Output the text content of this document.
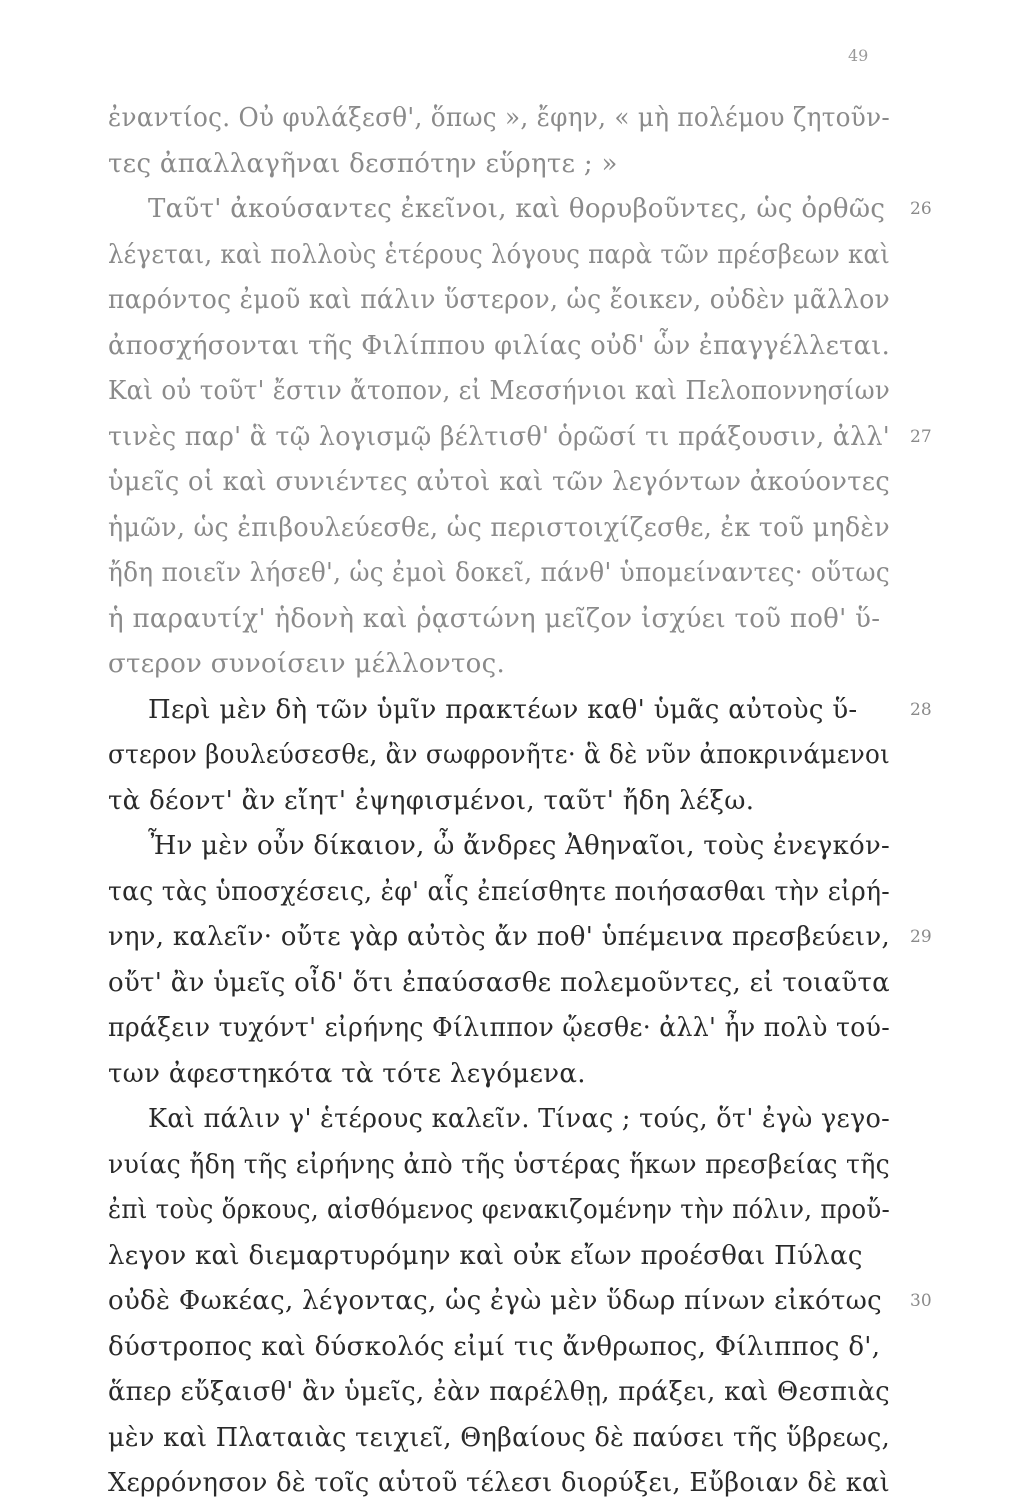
49
ἐναντίος. Οὐ φυλάξεσθ', ὅπως », ἔφην, « μὴ πολέμου ζητοῦν-
τες ἀπαλλαγῆναι δεσπότην εὕρητε ; »
Ταῦτ' ἀκούσαντες ἐκεῖνοι, καὶ θορυβοῦντες, ὡς ὀρθῶς 26
λέγεται, καὶ πολλοὺς ἑτέρους λόγους παρὰ τῶν πρέσβεων καὶ
παρόντος ἐμοῦ καὶ πάλιν ὕστερον, ὡς ἔοικεν, οὐδὲν μᾶλλον
ἀποσχήσονται τῆς Φιλίππου φιλίας οὐδ' ὧν ἐπαγγέλλεται.
Καὶ οὐ τοῦτ' ἔστιν ἄτοπον, εἰ Μεσσήνιοι καὶ Πελοποννησίων
τινὲς παρ' ἃ τῷ λογισμῷ βέλτισθ' ὁρῶσί τι πράξουσιν, ἀλλ' 27
ὑμεῖς οἱ καὶ συνιέντες αὐτοὶ καὶ τῶν λεγόντων ἀκούοντες
ἡμῶν, ὡς ἐπιβουλεύεσθε, ὡς περιστοιχίζεσθε, ἐκ τοῦ μηδὲν
ἤδη ποιεῖν λήσεθ', ὡς ἐμοὶ δοκεῖ, πάνθ' ὑπομείναντες· οὕτως
ἡ παραυτίχ' ἡδονὴ καὶ ῥᾳστώνη μεῖζον ἰσχύει τοῦ ποθ' ὕ-
στερον συνοίσειν μέλλοντος.
Περὶ μὲν δὴ τῶν ὑμῖν πρακτέων καθ' ὑμᾶς αὐτοὺς ὕ-	28
στερον βουλεύσεσθε, ἂν σωφρονῆτε· ἃ δὲ νῦν ἀποκρινάμενοι
τὰ δέοντ' ἂν εἴητ' ἐψηφισμένοι, ταῦτ' ἤδη λέξω.
Ἦν μὲν οὖν δίκαιον, ὦ ἄνδρες Ἀθηναῖοι, τοὺς ἐνεγκόν-
τας τὰς ὑποσχέσεις, ἐφ' αἷς ἐπείσθητε ποιήσασθαι τὴν εἰρή-
νην, καλεῖν· οὔτε γὰρ αὐτὸς ἄν ποθ' ὑπέμεινα πρεσβεύειν, 29
οὔτ' ἂν ὑμεῖς οἶδ' ὅτι ἐπαύσασθε πολεμοῦντες, εἰ τοιαῦτα
πράξειν τυχόντ' εἰρήνης Φίλιππον ᾤεσθε· ἀλλ' ἦν πολὺ τού-
των ἀφεστηκότα τὰ τότε λεγόμενα.
Καὶ πάλιν γ' ἑτέρους καλεῖν. Τίνας ; τούς, ὅτ' ἐγὼ γεγο-
νυίας ἤδη τῆς εἰρήνης ἀπὸ τῆς ὑστέρας ἥκων πρεσβείας τῆς
ἐπὶ τοὺς ὅρκους, αἰσθόμενος φενακιζομένην τὴν πόλιν, προὔ-
λεγον καὶ διεμαρτυρόμην καὶ οὐκ εἴων προέσθαι Πύλας
οὐδὲ Φωκέας, λέγοντας, ὡς ἐγὼ μὲν ὕδωρ πίνων εἰκότως 30
δύστροπος καὶ δύσκολός εἰμί τις ἄνθρωπος, Φίλιππος δ',
ἅπερ εὔξαισθ' ἂν ὑμεῖς, ἐὰν παρέλθῃ, πράξει, καὶ Θεσπιὰς
μὲν καὶ Πλαταιὰς τειχιεῖ, Θηβαίους δὲ παύσει τῆς ὕβρεως,
Χερρόνησον δὲ τοῖς αὑτοῦ τέλεσι διορύξει, Εὔβοιαν δὲ καὶ
